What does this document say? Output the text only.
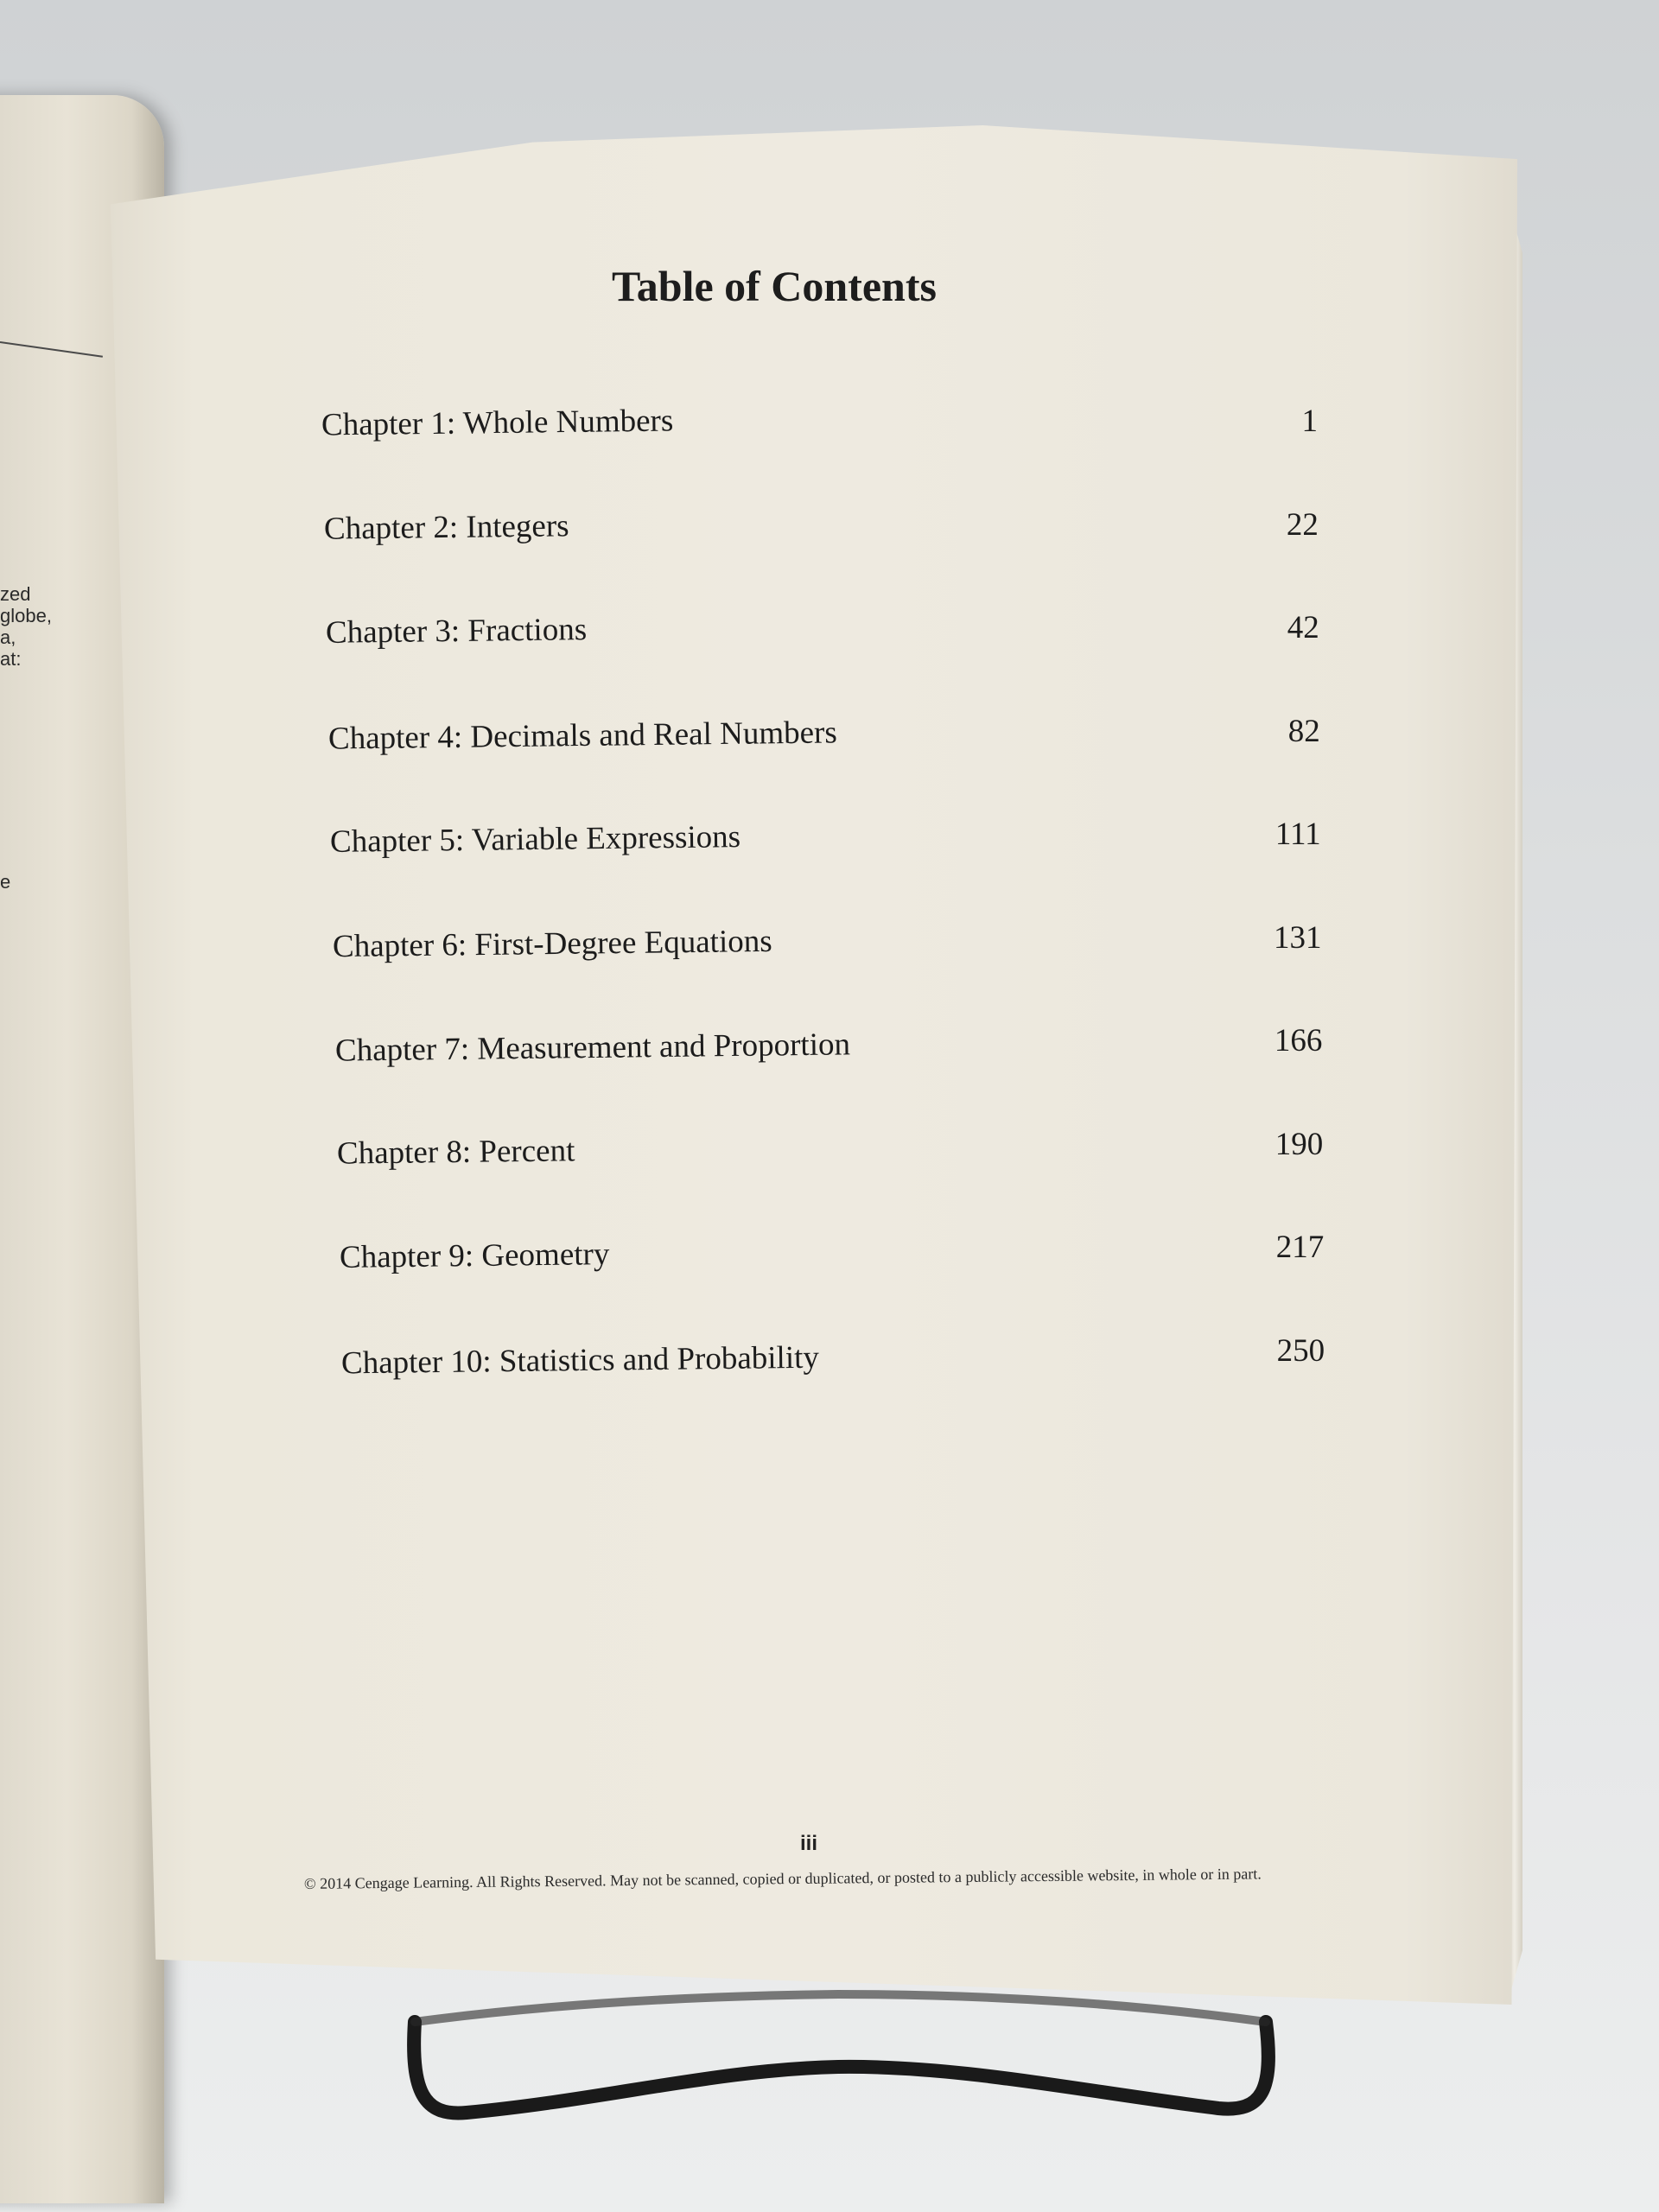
zed
globe,
a,
at:
e
Table of Contents
Chapter 1: Whole Numbers	1
Chapter 2: Integers	22
Chapter 3: Fractions	42
Chapter 4: Decimals and Real Numbers	82
Chapter 5: Variable Expressions	111
Chapter 6: First-Degree Equations	131
Chapter 7: Measurement and Proportion	166
Chapter 8: Percent	190
Chapter 9: Geometry	217
Chapter 10: Statistics and Probability	250
iii
© 2014 Cengage Learning. All Rights Reserved. May not be scanned, copied or duplicated, or posted to a publicly accessible website, in whole or in part.
